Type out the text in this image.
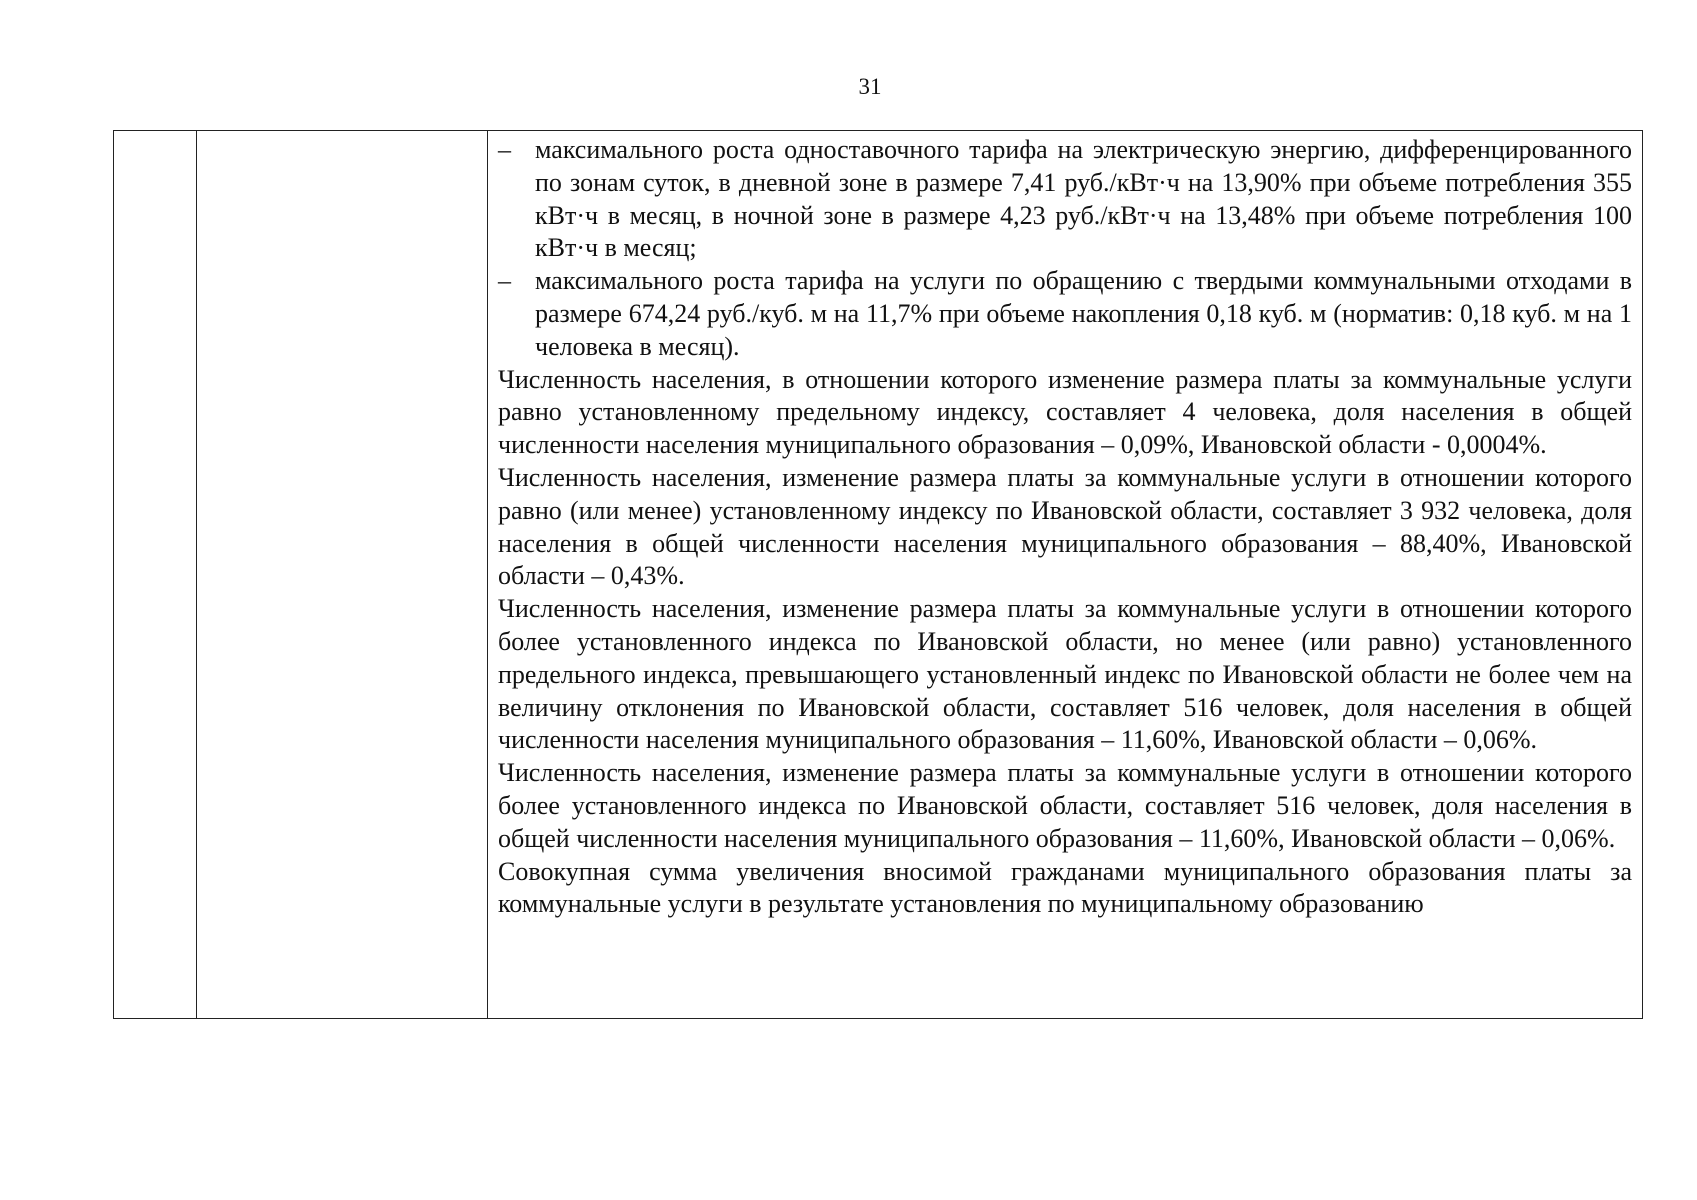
31

– максимального роста одноставочного тарифа на электрическую энергию, дифференцированного по зонам суток, в дневной зоне в размере 7,41 руб./кВт·ч на 13,90% при объеме потребления 355 кВт·ч в месяц, в ночной зоне в размере 4,23 руб./кВт·ч на 13,48% при объеме потребления 100 кВт·ч в месяц;

– максимального роста тарифа на услуги по обращению с твердыми коммунальными отходами в размере 674,24 руб./куб. м на 11,7% при объеме накопления 0,18 куб. м (норматив: 0,18 куб. м на 1 человека в месяц).

Численность населения, в отношении которого изменение размера платы за коммунальные услуги равно установленному предельному индексу, составляет 4 человека, доля населения в общей численности населения муниципального образования – 0,09%, Ивановской области - 0,0004%.

Численность населения, изменение размера платы за коммунальные услуги в отношении которого равно (или менее) установленному индексу по Ивановской области, составляет 3 932 человека, доля населения в общей численности населения муниципального образования – 88,40%, Ивановской области – 0,43%.

Численность населения, изменение размера платы за коммунальные услуги в отношении которого более установленного индекса по Ивановской области, но менее (или равно) установленного предельного индекса, превышающего установленный индекс по Ивановской области не более чем на величину отклонения по Ивановской области, составляет 516 человек, доля населения в общей численности населения муниципального образования – 11,60%, Ивановской области – 0,06%.

Численность населения, изменение размера платы за коммунальные услуги в отношении которого более установленного индекса по Ивановской области, составляет 516 человек, доля населения в общей численности населения муниципального образования – 11,60%, Ивановской области – 0,06%.

Совокупная сумма увеличения вносимой гражданами муниципального образования платы за коммунальные услуги в результате установления по муниципальному образованию
